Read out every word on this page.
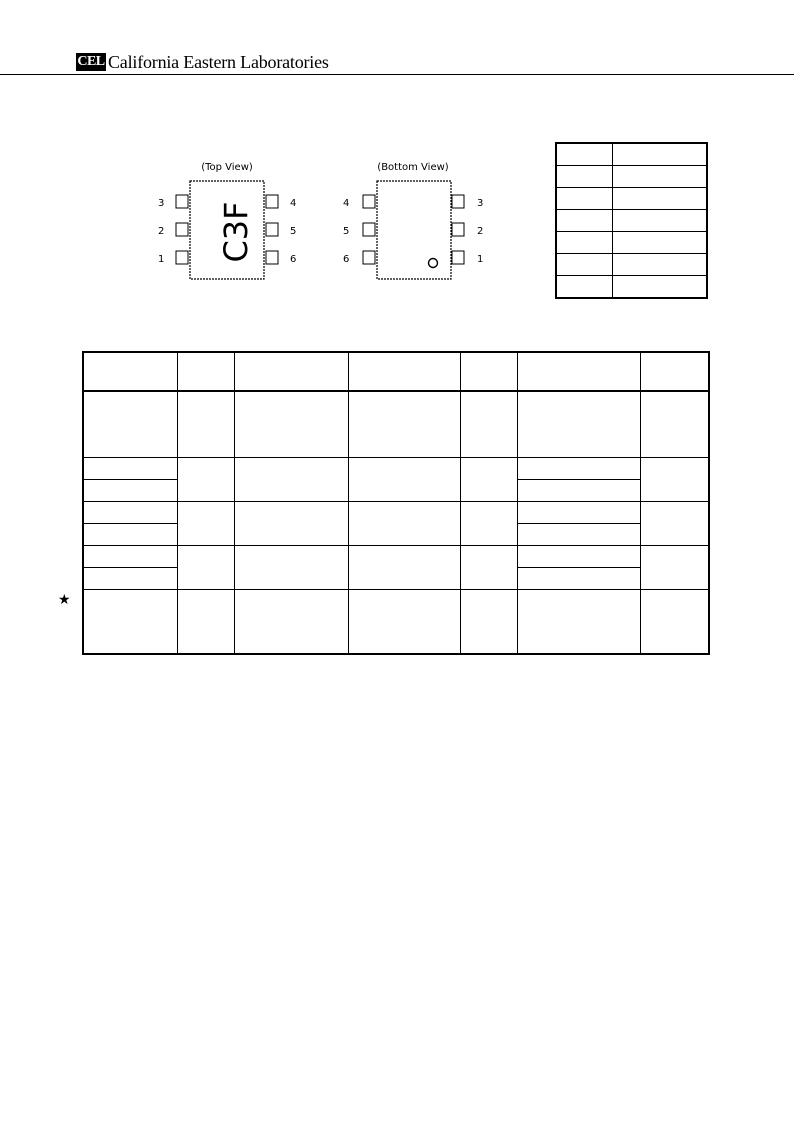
CEL California Eastern Laboratories
(Top View)
3
2
1
4
5
6
C3F
(Bottom View)
4
5
6
3
2
1

★
